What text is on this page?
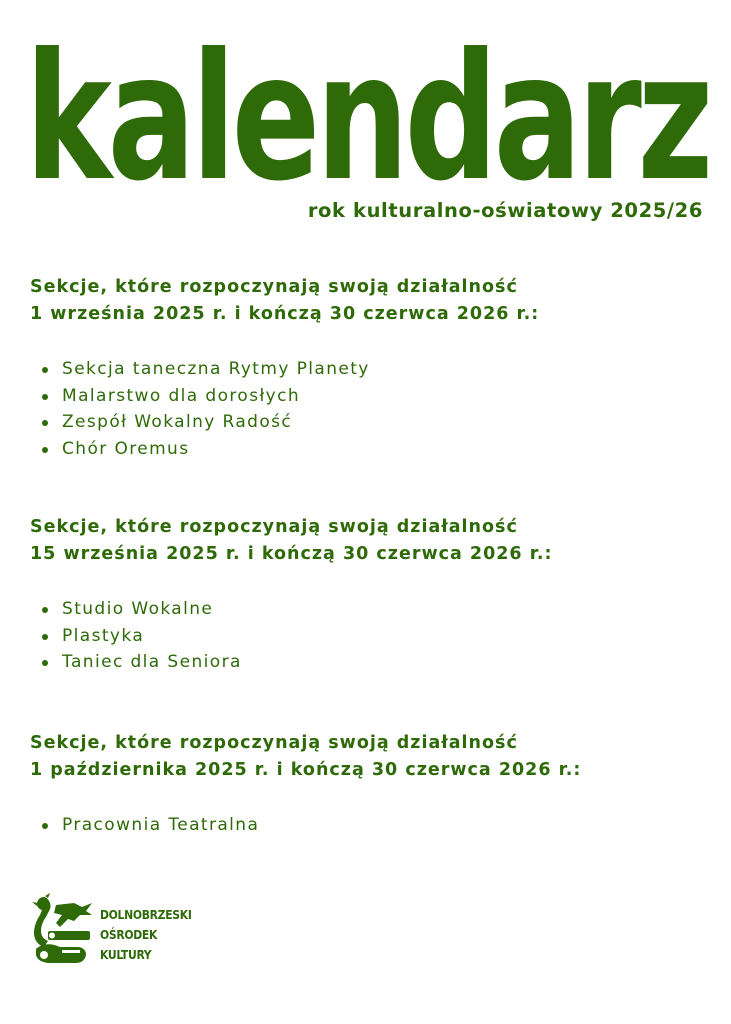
kalendarz
rok kulturalno-oświatowy 2025/26
Sekcje, które rozpoczynają swoją działalność
1 września 2025 r. i kończą 30 czerwca 2026 r.:
Sekcja taneczna Rytmy Planety
Malarstwo dla dorosłych
Zespół Wokalny Radość
Chór Oremus
Sekcje, które rozpoczynają swoją działalność
15 września 2025 r. i kończą 30 czerwca 2026 r.:
Studio Wokalne
Plastyka
Taniec dla Seniora
Sekcje, które rozpoczynają swoją działalność
1 października 2025 r. i kończą 30 czerwca 2026 r.:
Pracownia Teatralna
DOLNOBRZESKI
OŚRODEK
KULTURY
